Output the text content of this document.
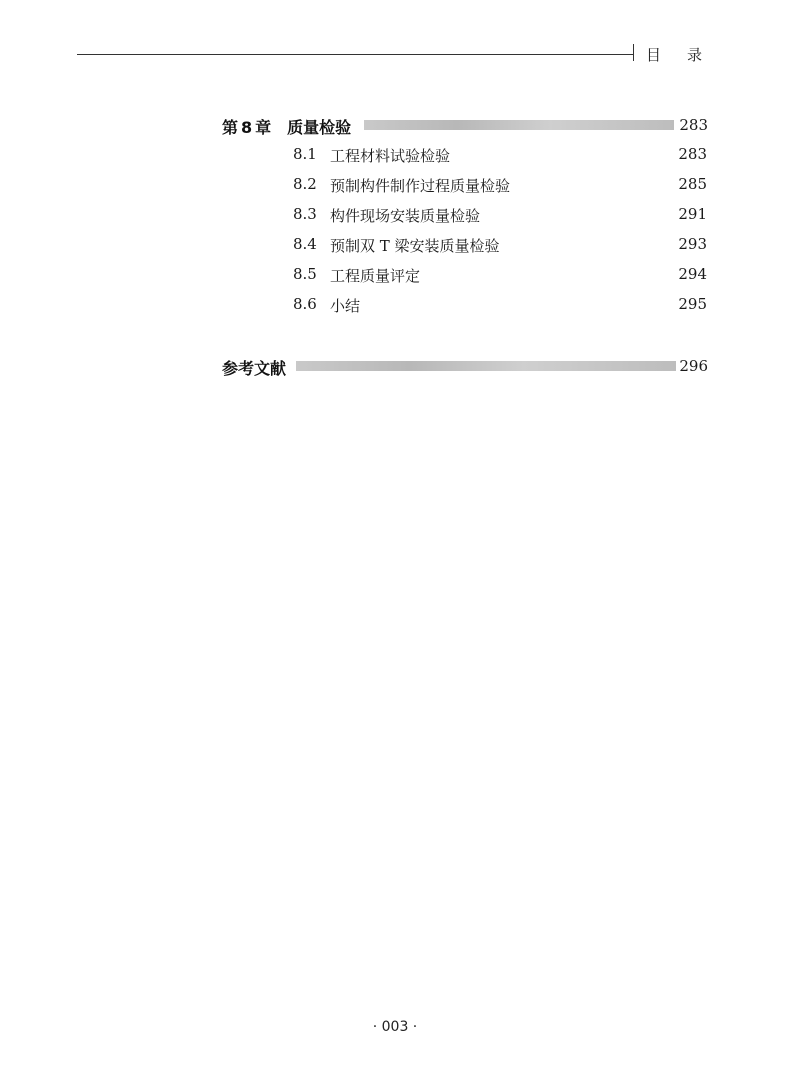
目录
第 8 章 质量检验	283
8.1 工程材料试验检验	283
8.2 预制构件制作过程质量检验	285
8.3 构件现场安装质量检验	291
8.4 预制双 T 梁安装质量检验	293
8.5 工程质量评定	294
8.6 小结	295
参考文献	296
· 003 ·
